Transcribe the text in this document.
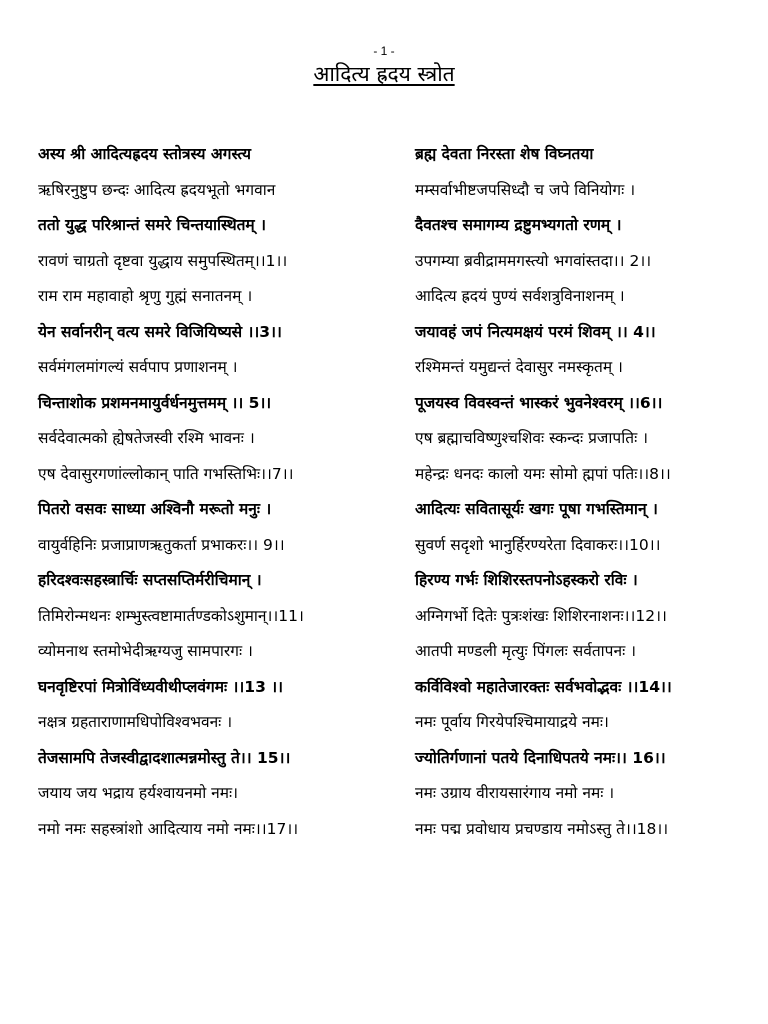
- 1 -
आदित्य ह्रदय स्त्रोत
अस्य श्री आदित्यह्रदय स्तोत्रस्य अगस्त्य
ऋषिरनुष्टुप छन्दः आदित्य ह्रदयभूतो भगवान
ततो युद्ध परिश्रान्तं समरे चिन्तयास्थितम् ।
रावणं चाग्रतो दृष्टवा युद्धाय समुपस्थितम्।।1।।
राम राम महावाहो श्रृणु गुह्मं सनातनम् ।
येन सर्वानरीन् वत्य समरे विजियिष्यसे ।।3।।
सर्वमंगलमांगल्यं सर्वपाप प्रणाशनम् ।
चिन्ताशोक प्रशमनमायुर्वर्धनमुत्तमम् ।। 5।।
सर्वदेवात्मको ह्येषतेजस्वी रश्मि भावनः ।
एष देवासुरगणांल्लोकान् पाति गभस्तिभिः।।7।।
पितरो वसवः साध्या अश्विनौ मरूतो मनुः ।
वायुर्वहिनिः प्रजाप्राणऋतुकर्ता प्रभाकरः।। 9।।
हरिदश्वःसहस्त्रार्चिः सप्तसप्तिर्मरीचिमान् ।
तिमिरोन्मथनः शम्भुस्त्वष्टामार्तण्डकोऽशुमान्।।11।
व्योमनाथ स्तमोभेदीऋग्यजु सामपारगः ।
घनवृष्टिरपां मित्रोविंध्यवीथीप्लवंगमः ।।13 ।।
नक्षत्र ग्रहताराणामधिपोविश्वभवनः ।
तेजसामपि तेजस्वीद्वादशात्मन्नमोस्तु ते।। 15।।
जयाय जय भद्राय हर्यश्वायनमो नमः।
नमो नमः सहस्त्रांशो आदित्याय नमो नमः।।17।।
ब्रह्म देवता निरस्ता शेष विघ्नतया
मम्सर्वाभीष्टजपसिध्दौ च जपे विनियोगः ।
दैवतश्च समागम्य द्रष्टुमभ्यगतो रणम् ।
उपगम्या ब्रवीद्राममगस्त्यो भगवांस्तदा।। 2।।
आदित्य ह्रदयं पुण्यं सर्वशत्रुविनाशनम् ।
जयावहं जपं नित्यमक्षयं परमं शिवम् ।। 4।।
रश्मिमन्तं यमुद्यन्तं देवासुर नमस्कृतम् ।
पूजयस्व विवस्वन्तं भास्करं भुवनेश्वरम् ।।6।।
एष ब्रह्माचविष्णुश्चशिवः स्कन्दः प्रजापतिः ।
महेन्द्रः धनदः कालो यमः सोमो ह्मपां पतिः।।8।।
आदित्यः सवितासूर्यः खगः पूषा गभस्तिमान् ।
सुवर्ण सदृशो भानुर्हिरण्यरेता दिवाकरः।।10।।
हिरण्य गर्भः शिशिरस्तपनोऽहस्करो रविः ।
अग्निगर्भो दितेः पुत्रःशंखः शिशिरनाशनः।।12।।
आतपी मण्डली मृत्युः पिंगलः सर्वतापनः ।
कर्विविश्वो महातेजारक्तः सर्वभवोद्भवः ।।14।।
नमः पूर्वाय गिरयेपश्चिमायाद्रये नमः।
ज्योतिर्गणानां पतये दिनाधिपतये नमः।। 16।।
नमः उग्राय वीरायसारंगाय नमो नमः ।
नमः पद्म प्रवोधाय प्रचण्डाय नमोऽस्तु ते।।18।।
